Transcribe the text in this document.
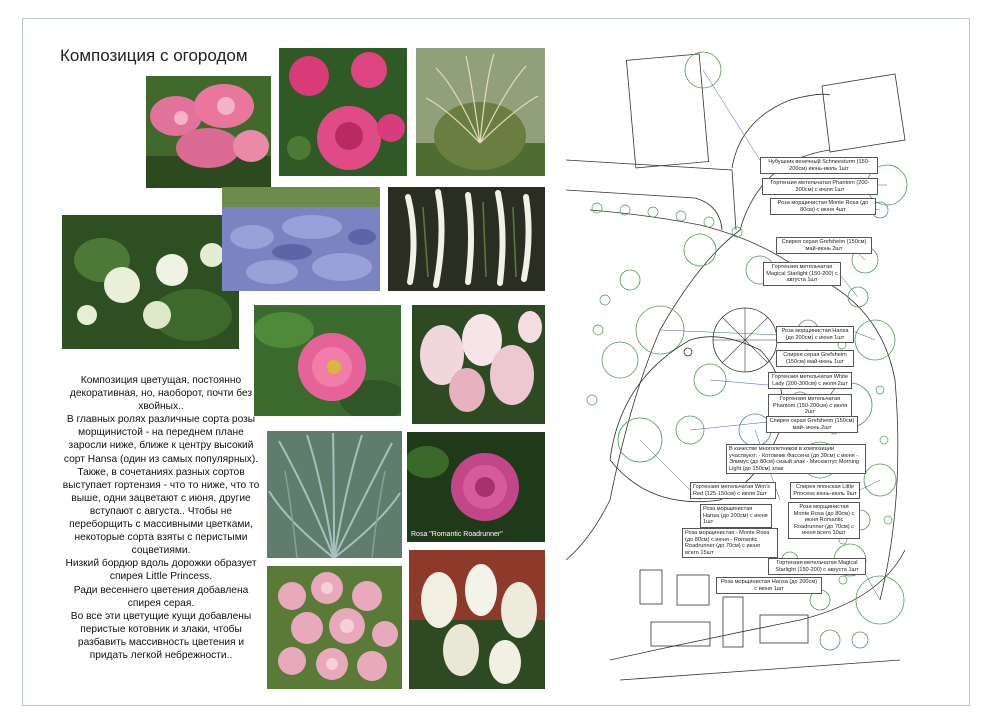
Композиция с огородом
Rosa "Romantic Roadrunner"

Композиция цветущая, постоянно декоративная, но, наоборот, почти без хвойных..

В главных ролях различные сорта розы морщинистой - на переднем плане заросли ниже, ближе к центру высокий сорт Hansa (один из самых популярных).

Также, в сочетаниях разных сортов выступает гортензия - что то ниже, что то выше, одни зацветают с июня, другие вступают с августа.. Чтобы не переборщить с массивными цветками, некоторые сорта взяты с перистыми соцветиями.

Низкий бордюр вдоль дорожки образует спирея Little Princess.

Ради весеннего цветения добавлена спирея серая.

Во все эти цветущие кущи добавлены перистые котовник и злаки, чтобы разбавить массивность цветения и придать легкой небрежности..

Чубушник венечный Schneesturm (150-200см) июнь-июль 1шт
Гортензия метельчатая Phantom (200-300см) с июля 1шт
Роза морщинистая Monte Rosa (до 80см) с июня 4шт
Спирея серая Grefsheim (150см) май-июнь 2шт
Гортензия метельчатая Magical Starlight (150-200) с августа 1шт
Роза морщинистая Hansa (до 200см) с июня 1шт
Спирея серая Grefsheim (150см) май-июнь 1шт
Гортензия метельчатая White Lady (200-300см) с июля 2шт
Гортензия метельчатая Phantom (150-200см) с июля 2шт
Спирея серая Grefsheim (150см) май- июнь 2шт
В качестве многолетников в композиции участвуют: - Котовник Фассена (до 30см) с июня - Элимус (до 80см) сизый злак - Мискантус Morning Light (до 150см) злак
Гортензия метельчатая Wim's Red (125-150см) с июля 2шт
Спирея японская Little Princess июнь-июль 9шт
Роза морщинистая Hansa (до 200см) с июня 1шт
Роза морщинистая Monte Rosa (до 80см) с июня Romantic Roadrunner (до 70см) с июня всего 10шт
Роза морщинистая - Monte Rosa (до 80см) с июня - Romantic Roadrunner (до 70см) с июня всего 15шт
Гортензия метельчатая Magical Starlight (150-200) с августа 1шт
Роза морщинистая Hansa (до 200см) с июня 1шт
